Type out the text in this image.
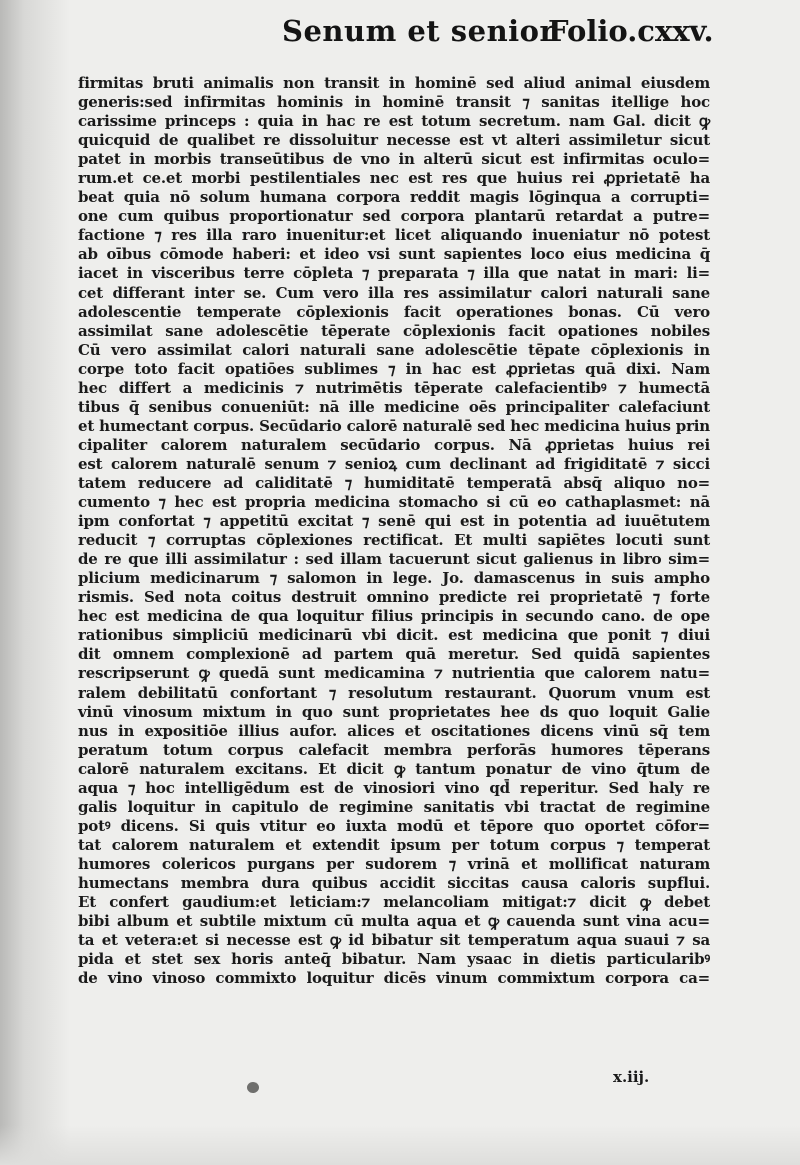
Senum et senior
Folio.cxxv.
firmitas bruti animalis non transit in hominē sed aliud animal eiusdem
generis:sed infirmitas hominis in hominē transit ⁊ sanitas itellige hoc
carissime princeps : quia in hac re est totum secretum. nam Gal. dicit ꝙ
quicquid de qualibet re dissoluitur necesse est vt alteri assimiletur sicut
patet in morbis transeūtibus de vno in alterū sicut est infirmitas oculo=
rum.et ce.et morbi pestilentiales nec est res que huius rei ꝓprietatē ha
beat quia nō solum humana corpora reddit magis lōginqua a corrupti=
one cum quibus proportionatur sed corpora plantarū retardat a putre=
factione ⁊ res illa raro inuenitur:et licet aliquando inueniatur nō potest
ab oībus cōmode haberi: et ideo vsi sunt sapientes loco eius medicina q̄
iacet in visceribus terre cōpleta ⁊ preparata ⁊ illa que natat in mari: li=
cet differant inter se. Cum vero illa res assimilatur calori naturali sane
adolescentie temperate cōplexionis facit operationes bonas. Cū vero
assimilat sane adolescētie tēperate cōplexionis facit opationes nobiles
Cū vero assimilat calori naturali sane adolescētie tēpate cōplexionis in
corpe toto facit opatiōes sublimes ⁊ in hac est ꝓprietas quā dixi. Nam
hec differt a medicinis ⁊ nutrimētis tēperate calefacientibꝰ ⁊ humectā
tibus q̄ senibus conueniūt: nā ille medicine oēs principaliter calefaciunt
et humectant corpus. Secūdario calorē naturalē sed hec medicina huius prin
cipaliter calorem naturalem secūdario corpus. Nā ꝓprietas huius rei
est calorem naturalē senum ⁊ senioꝝ cum declinant ad frigiditatē ⁊ sicci
tatem reducere ad caliditatē ⁊ humiditatē temperatā absq̄ aliquo no=
cumento ⁊ hec est propria medicina stomacho si cū eo cathaplasmet: nā
ipm confortat ⁊ appetitū excitat ⁊ senē qui est in potentia ad iuuētutem
reducit ⁊ corruptas cōplexiones rectificat. Et multi sapiētes locuti sunt
de re que illi assimilatur : sed illam tacuerunt sicut galienus in libro sim=
plicium medicinarum ⁊ salomon in lege. Jo. damascenus in suis ampho
rismis. Sed nota coitus destruit omnino predicte rei proprietatē ⁊ forte
hec est medicina de qua loquitur filius principis in secundo cano. de ope
rationibus simpliciū medicinarū vbi dicit. est medicina que ponit ⁊ diui
dit omnem complexionē ad partem quā meretur. Sed quidā sapientes
rescripserunt ꝙ quedā sunt medicamina ⁊ nutrientia que calorem natu=
ralem debilitatū confortant ⁊ resolutum restaurant. Quorum vnum est
vinū vinosum mixtum in quo sunt proprietates hee ds quo loquit Galie
nus in expositiōe illius aufor. alices et oscitationes dicens vinū sq̄ tem
peratum totum corpus calefacit membra perforās humores tēperans
calorē naturalem excitans. Et dicit ꝙ tantum ponatur de vino q̄tum de
aqua ⁊ hoc intelligēdum est de vinosiori vino qd̄ reperitur. Sed haly re
galis loquitur in capitulo de regimine sanitatis vbi tractat de regimine
potꝰ dicens. Si quis vtitur eo iuxta modū et tēpore quo oportet cōfor=
tat calorem naturalem et extendit ipsum per totum corpus ⁊ temperat
humores colericos purgans per sudorem ⁊ vrinā et mollificat naturam
humectans membra dura quibus accidit siccitas causa caloris supflui.
Et confert gaudium:et leticiam:⁊ melancoliam mitigat:⁊ dicit ꝙ debet
bibi album et subtile mixtum cū multa aqua et ꝙ cauenda sunt vina acu=
ta et vetera:et si necesse est ꝙ id bibatur sit temperatum aqua suaui ⁊ sa
pida et stet sex horis anteq̄ bibatur. Nam ysaac in dietis particularibꝰ
de vino vinoso commixto loquitur dicēs vinum commixtum corpora ca=
x.iij.
